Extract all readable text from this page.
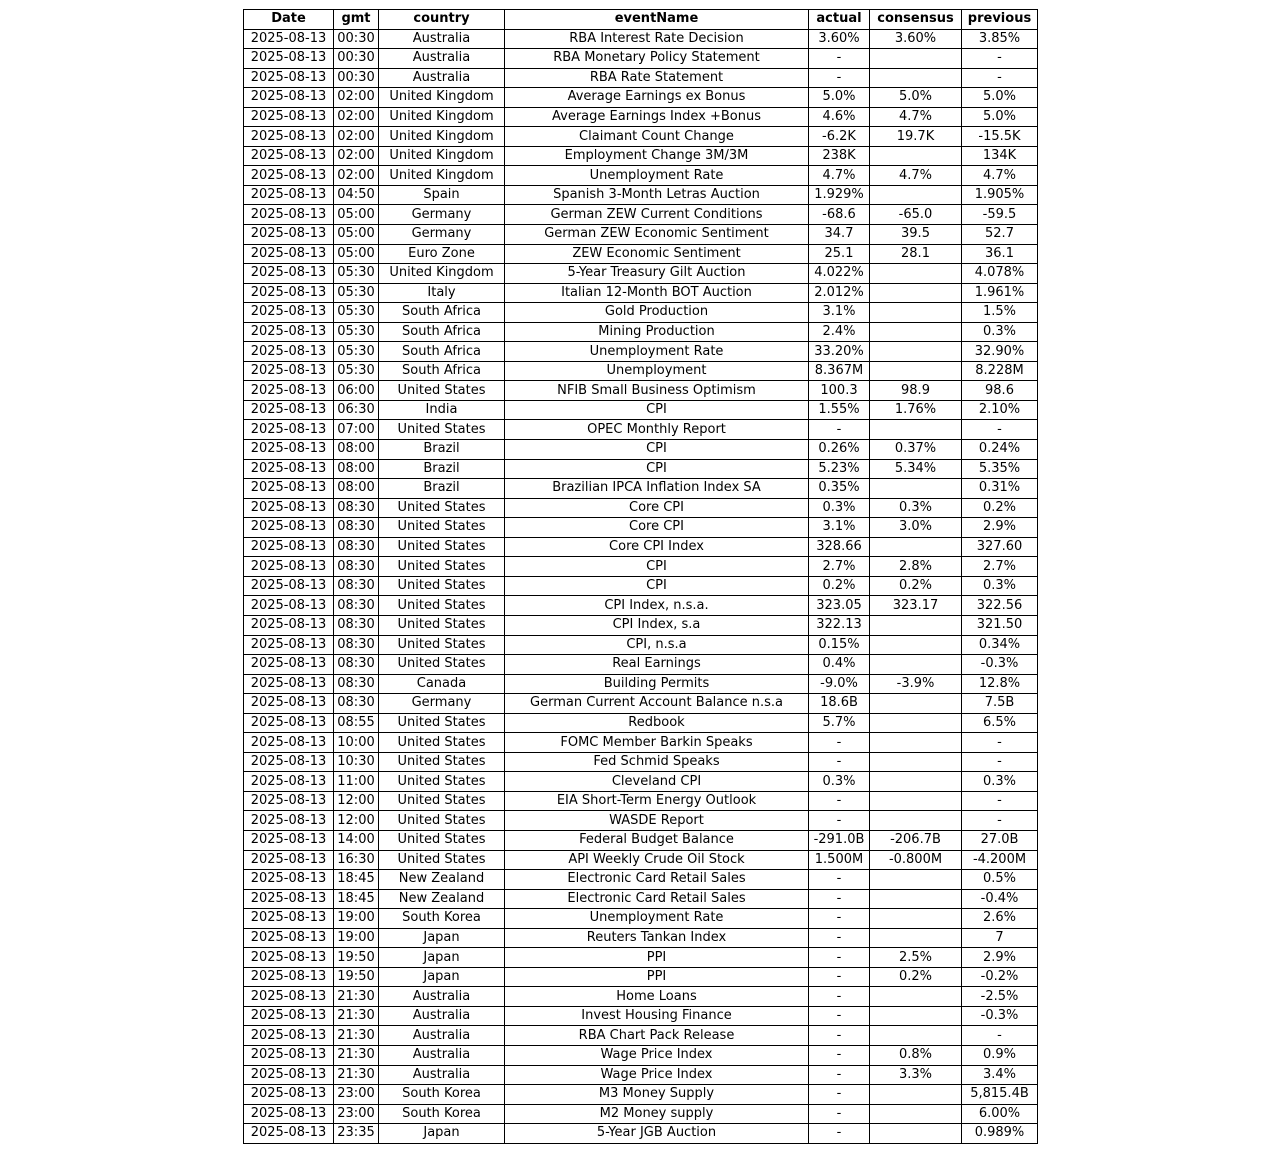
Date	gmt	country	eventName	actual	consensus	previous
2025-08-13	00:30	Australia	RBA Interest Rate Decision	3.60%	3.60%	3.85%
2025-08-13	00:30	Australia	RBA Monetary Policy Statement	-		-
2025-08-13	00:30	Australia	RBA Rate Statement	-		-
2025-08-13	02:00	United Kingdom	Average Earnings ex Bonus	5.0%	5.0%	5.0%
2025-08-13	02:00	United Kingdom	Average Earnings Index +Bonus	4.6%	4.7%	5.0%
2025-08-13	02:00	United Kingdom	Claimant Count Change	-6.2K	19.7K	-15.5K
2025-08-13	02:00	United Kingdom	Employment Change 3M/3M	238K		134K
2025-08-13	02:00	United Kingdom	Unemployment Rate	4.7%	4.7%	4.7%
2025-08-13	04:50	Spain	Spanish 3-Month Letras Auction	1.929%		1.905%
2025-08-13	05:00	Germany	German ZEW Current Conditions	-68.6	-65.0	-59.5
2025-08-13	05:00	Germany	German ZEW Economic Sentiment	34.7	39.5	52.7
2025-08-13	05:00	Euro Zone	ZEW Economic Sentiment	25.1	28.1	36.1
2025-08-13	05:30	United Kingdom	5-Year Treasury Gilt Auction	4.022%		4.078%
2025-08-13	05:30	Italy	Italian 12-Month BOT Auction	2.012%		1.961%
2025-08-13	05:30	South Africa	Gold Production	3.1%		1.5%
2025-08-13	05:30	South Africa	Mining Production	2.4%		0.3%
2025-08-13	05:30	South Africa	Unemployment Rate	33.20%		32.90%
2025-08-13	05:30	South Africa	Unemployment	8.367M		8.228M
2025-08-13	06:00	United States	NFIB Small Business Optimism	100.3	98.9	98.6
2025-08-13	06:30	India	CPI	1.55%	1.76%	2.10%
2025-08-13	07:00	United States	OPEC Monthly Report	-		-
2025-08-13	08:00	Brazil	CPI	0.26%	0.37%	0.24%
2025-08-13	08:00	Brazil	CPI	5.23%	5.34%	5.35%
2025-08-13	08:00	Brazil	Brazilian IPCA Inflation Index SA	0.35%		0.31%
2025-08-13	08:30	United States	Core CPI	0.3%	0.3%	0.2%
2025-08-13	08:30	United States	Core CPI	3.1%	3.0%	2.9%
2025-08-13	08:30	United States	Core CPI Index	328.66		327.60
2025-08-13	08:30	United States	CPI	2.7%	2.8%	2.7%
2025-08-13	08:30	United States	CPI	0.2%	0.2%	0.3%
2025-08-13	08:30	United States	CPI Index, n.s.a.	323.05	323.17	322.56
2025-08-13	08:30	United States	CPI Index, s.a	322.13		321.50
2025-08-13	08:30	United States	CPI, n.s.a	0.15%		0.34%
2025-08-13	08:30	United States	Real Earnings	0.4%		-0.3%
2025-08-13	08:30	Canada	Building Permits	-9.0%	-3.9%	12.8%
2025-08-13	08:30	Germany	German Current Account Balance n.s.a	18.6B		7.5B
2025-08-13	08:55	United States	Redbook	5.7%		6.5%
2025-08-13	10:00	United States	FOMC Member Barkin Speaks	-		-
2025-08-13	10:30	United States	Fed Schmid Speaks	-		-
2025-08-13	11:00	United States	Cleveland CPI	0.3%		0.3%
2025-08-13	12:00	United States	EIA Short-Term Energy Outlook	-		-
2025-08-13	12:00	United States	WASDE Report	-		-
2025-08-13	14:00	United States	Federal Budget Balance	-291.0B	-206.7B	27.0B
2025-08-13	16:30	United States	API Weekly Crude Oil Stock	1.500M	-0.800M	-4.200M
2025-08-13	18:45	New Zealand	Electronic Card Retail Sales	-		0.5%
2025-08-13	18:45	New Zealand	Electronic Card Retail Sales	-		-0.4%
2025-08-13	19:00	South Korea	Unemployment Rate	-		2.6%
2025-08-13	19:00	Japan	Reuters Tankan Index	-		7
2025-08-13	19:50	Japan	PPI	-	2.5%	2.9%
2025-08-13	19:50	Japan	PPI	-	0.2%	-0.2%
2025-08-13	21:30	Australia	Home Loans	-		-2.5%
2025-08-13	21:30	Australia	Invest Housing Finance	-		-0.3%
2025-08-13	21:30	Australia	RBA Chart Pack Release	-		-
2025-08-13	21:30	Australia	Wage Price Index	-	0.8%	0.9%
2025-08-13	21:30	Australia	Wage Price Index	-	3.3%	3.4%
2025-08-13	23:00	South Korea	M3 Money Supply	-		5,815.4B
2025-08-13	23:00	South Korea	M2 Money supply	-		6.00%
2025-08-13	23:35	Japan	5-Year JGB Auction	-		0.989%
